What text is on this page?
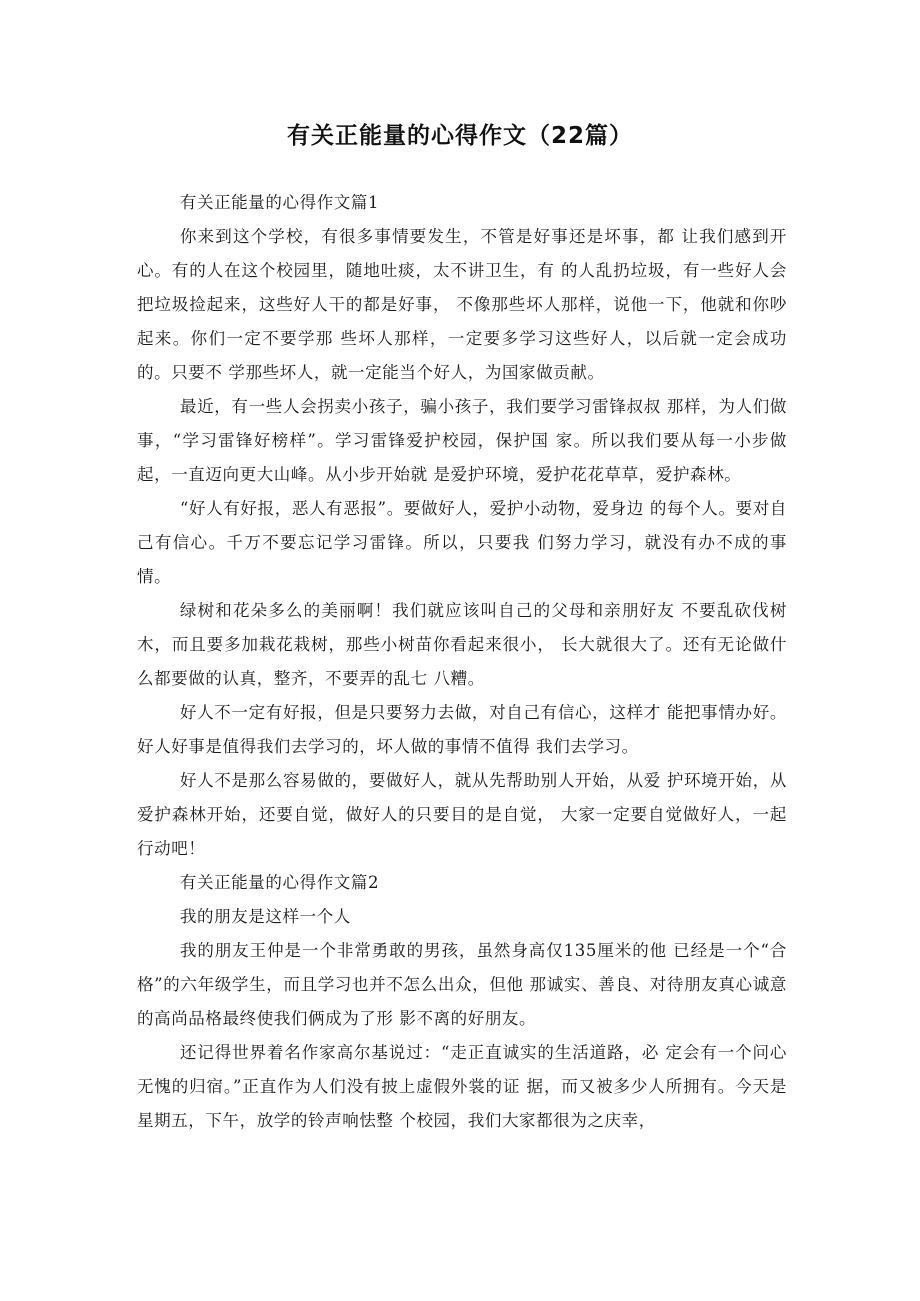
有关正能量的心得作文（22篇）

有关正能量的心得作文篇1

你来到这个学校，有很多事情要发生，不管是好事还是坏事，都 让我们感到开心。有的人在这个校园里，随地吐痰，太不讲卫生，有 的人乱扔垃圾，有一些好人会把垃圾捡起来，这些好人干的都是好事， 不像那些坏人那样，说他一下，他就和你吵起来。你们一定不要学那 些坏人那样，一定要多学习这些好人，以后就一定会成功的。只要不 学那些坏人，就一定能当个好人，为国家做贡献。

最近，有一些人会拐卖小孩子，骗小孩子，我们要学习雷锋叔叔 那样，为人们做事，“学习雷锋好榜样”。学习雷锋爱护校园，保护国 家。所以我们要从每一小步做起，一直迈向更大山峰。从小步开始就 是爱护环境，爱护花花草草，爱护森林。

“好人有好报，恶人有恶报”。要做好人，爱护小动物，爱身边 的每个人。要对自己有信心。千万不要忘记学习雷锋。所以，只要我 们努力学习，就没有办不成的事情。

绿树和花朵多么的美丽啊！我们就应该叫自己的父母和亲朋好友 不要乱砍伐树木，而且要多加栽花栽树，那些小树苗你看起来很小， 长大就很大了。还有无论做什么都要做的认真，整齐，不要弄的乱七 八糟。

好人不一定有好报，但是只要努力去做，对自己有信心，这样才 能把事情办好。好人好事是值得我们去学习的，坏人做的事情不值得 我们去学习。

好人不是那么容易做的，要做好人，就从先帮助别人开始，从爱 护环境开始，从爱护森林开始，还要自觉，做好人的只要目的是自觉， 大家一定要自觉做好人，一起行动吧！

有关正能量的心得作文篇2

我的朋友是这样一个人

我的朋友王仲是一个非常勇敢的男孩，虽然身高仅135厘米的他 已经是一个“合格”的六年级学生，而且学习也并不怎么出众，但他 那诚实、善良、对待朋友真心诚意的高尚品格最终使我们俩成为了形 影不离的好朋友。

还记得世界着名作家高尔基说过：“走正直诚实的生活道路，必 定会有一个问心无愧的归宿。”正直作为人们没有披上虚假外裳的证 据，而又被多少人所拥有。今天是星期五，下午，放学的铃声响怯整 个校园，我们大家都很为之庆幸，
